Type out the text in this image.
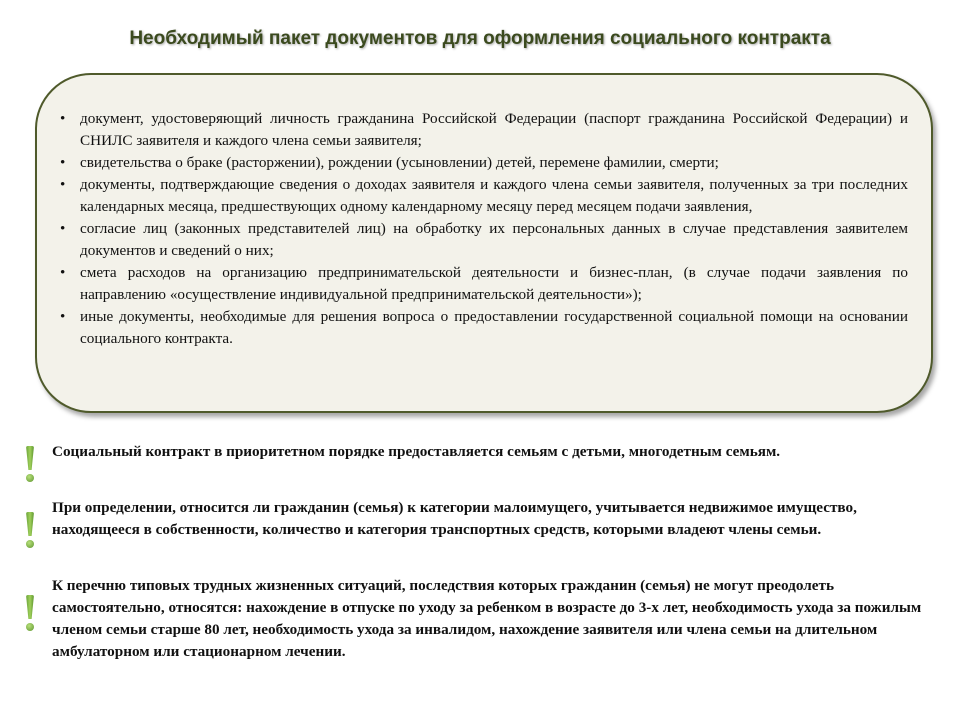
Необходимый пакет документов для оформления социального контракта
• документ, удостоверяющий личность гражданина Российской Федерации (паспорт гражданина Российской Федерации) и СНИЛС заявителя и каждого члена семьи заявителя;
• свидетельства о браке (расторжении), рождении (усыновлении) детей, перемене фамилии, смерти;
• документы, подтверждающие сведения о доходах заявителя и каждого члена семьи заявителя, полученных за три последних календарных месяца, предшествующих одному календарному месяцу перед месяцем подачи заявления,
• согласие лиц (законных представителей лиц) на обработку их персональных данных в случае представления заявителем документов и сведений о них;
• смета расходов на организацию предпринимательской деятельности и бизнес-план, (в случае подачи заявления по направлению «осуществление индивидуальной предпринимательской деятельности»);
• иные документы, необходимые для решения вопроса о предоставлении государственной социальной помощи на основании социального контракта.
Социальный контракт в приоритетном порядке предоставляется семьям с детьми, многодетным семьям.
При определении, относится ли гражданин (семья) к категории малоимущего, учитывается недвижимое имущество, находящееся в собственности, количество и категория транспортных средств, которыми владеют члены семьи.
К перечню типовых трудных жизненных ситуаций, последствия которых гражданин (семья) не могут преодолеть самостоятельно, относятся: нахождение в отпуске по уходу за ребенком в возрасте до 3-х лет, необходимость ухода за пожилым членом семьи старше 80 лет, необходимость ухода за инвалидом, нахождение заявителя или члена семьи на длительном амбулаторном или стационарном лечении.
